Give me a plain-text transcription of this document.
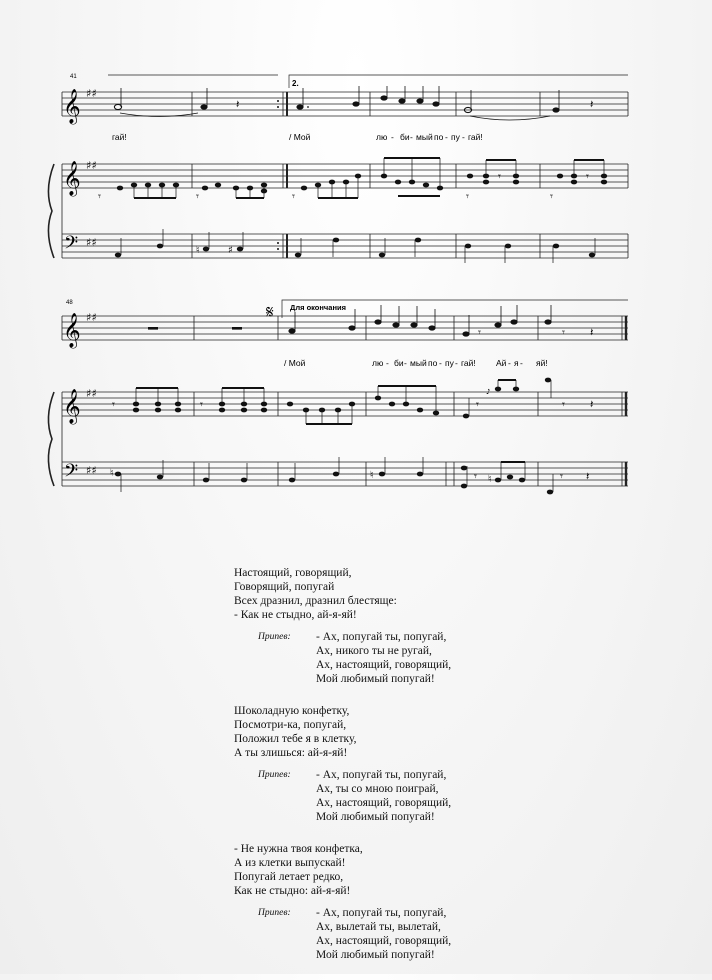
41
2.
𝄞 ♯♯
𝄽	𝄽
гай!	/ Мой	лю - би - мый по - пу - гай!
𝄞 ♯♯
𝄾	𝄾	𝄾	𝄾
𝄾
𝄾
𝄾
𝄢 ♯♯
♮	♯
48	𝄋 Для окончания
𝄞 ♯♯
𝄾	𝄾 𝄽
/ Мой	лю - би - мый по - пу - гай! Ай - я - яй!
𝄞 ♯♯
𝄾	𝄾	𝄾	𝄾 𝄽
♪
𝄢 ♯♯ ♮	♮	♮
𝄾	𝄾 𝄽
Настоящий, говорящий,
Говорящий, попугай
Всех дразнил, дразнил блестяще:
- Как не стыдно, ай-я-яй!
Припев: - Ах, попугай ты, попугай,
Ах, никого ты не ругай,
Ах, настоящий, говорящий,
Мой любимый попугай!
Шоколадную конфетку,
Посмотри-ка, попугай,
Положил тебе я в клетку,
А ты злишься: ай-я-яй!
Припев: - Ах, попугай ты, попугай,
Ах, ты со мною поиграй,
Ах, настоящий, говорящий,
Мой любимый попугай!
- Не нужна твоя конфетка,
А из клетки выпускай!
Попугай летает редко,
Как не стыдно: ай-я-яй!
Припев: - Ах, попугай ты, попугай,
Ах, вылетай ты, вылетай,
Ах, настоящий, говорящий,
Мой любимый попугай!
